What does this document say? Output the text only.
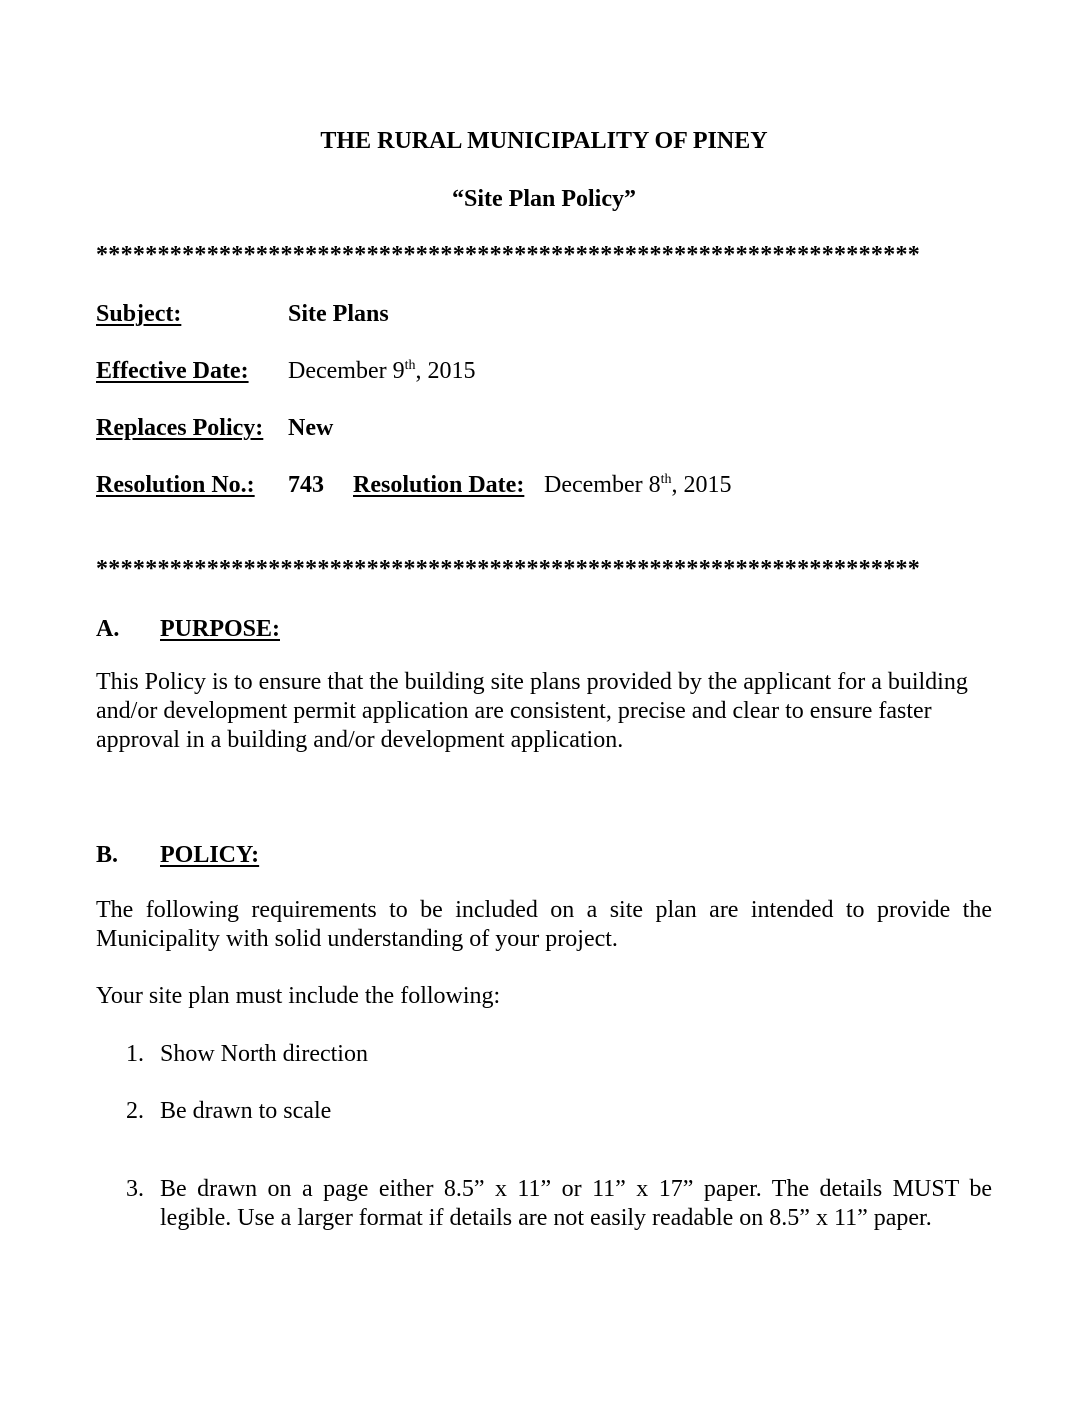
THE RURAL MUNICIPALITY OF PINEY
“Site Plan Policy”
*******************************************************************
Subject:	Site Plans
Effective Date: December 9th, 2015
Replaces Policy: New
Resolution No.: 743 Resolution Date: December 8th, 2015
*******************************************************************
A. PURPOSE:
This Policy is to ensure that the building site plans provided by the applicant for a building and/or development permit application are consistent, precise and clear to ensure faster approval in a building and/or development application.
B. POLICY:
The following requirements to be included on a site plan are intended to provide the Municipality with solid understanding of your project.
Your site plan must include the following:
1. Show North direction
2. Be drawn to scale
3. Be drawn on a page either 8.5” x 11” or 11” x 17” paper. The details MUST be legible. Use a larger format if details are not easily readable on 8.5” x 11” paper.
